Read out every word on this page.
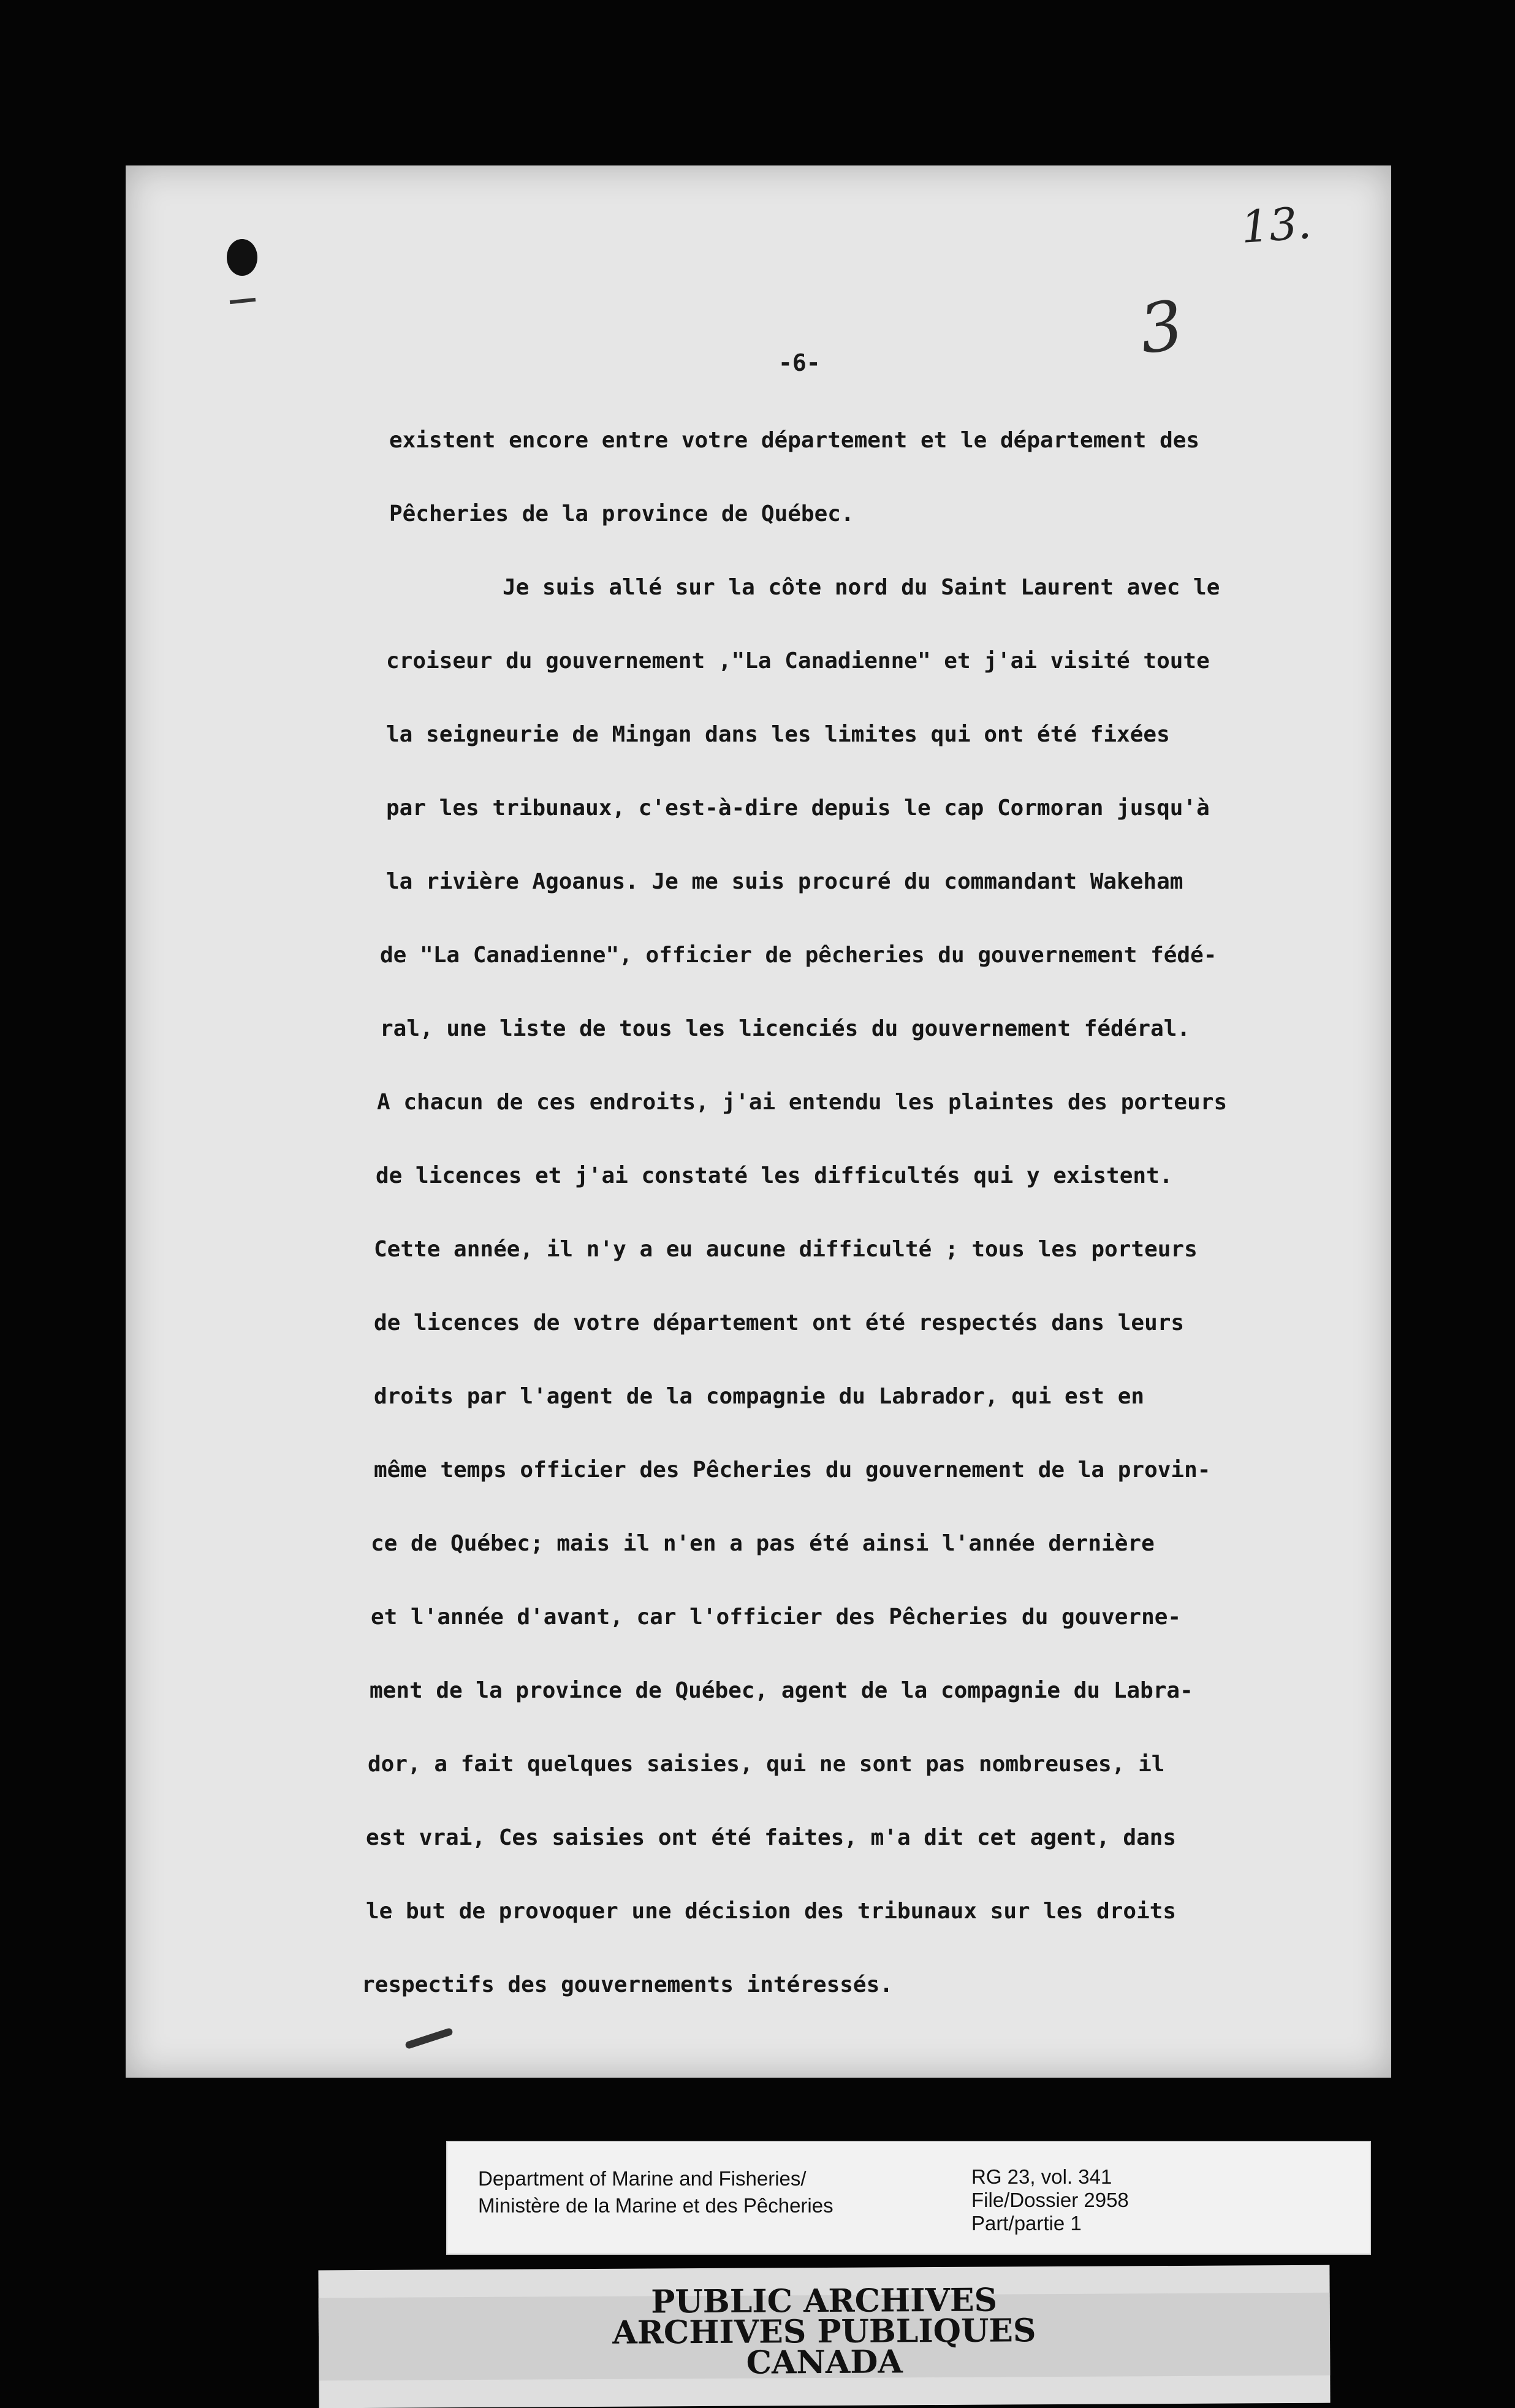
13.
3
-6-

existent encore entre votre département et le département des

Pêcheries de la province de Québec.

Je suis allé sur la côte nord du Saint Laurent avec le

croiseur du gouvernement ,"La Canadienne" et j'ai visité toute

la seigneurie de Mingan dans les limites qui ont été fixées

par les tribunaux, c'est-à-dire depuis le cap Cormoran jusqu'à

la rivière Agoanus. Je me suis procuré du commandant Wakeham

de "La Canadienne", officier de pêcheries du gouvernement fédé-

ral, une liste de tous les licenciés du gouvernement fédéral.

A chacun de ces endroits, j'ai entendu les plaintes des porteurs

de licences et j'ai constaté les difficultés qui y existent.

Cette année, il n'y a eu aucune difficulté ; tous les porteurs

de licences de votre département ont été respectés dans leurs

droits par l'agent de la compagnie du Labrador, qui est en

même temps officier des Pêcheries du gouvernement de la provin-

ce de Québec; mais il n'en a pas été ainsi l'année dernière

et l'année d'avant, car l'officier des Pêcheries du gouverne-

ment de la province de Québec, agent de la compagnie du Labra-

dor, a fait quelques saisies, qui ne sont pas nombreuses, il

est vrai, Ces saisies ont été faites, m'a dit cet agent, dans

le but de provoquer une décision des tribunaux sur les droits

respectifs des gouvernements intéressés.

Department of Marine and Fisheries/
Ministère de la Marine et des Pêcheries
RG 23, vol. 341
File/Dossier 2958
Part/partie 1
PUBLIC ARCHIVES
ARCHIVES PUBLIQUES
CANADA
